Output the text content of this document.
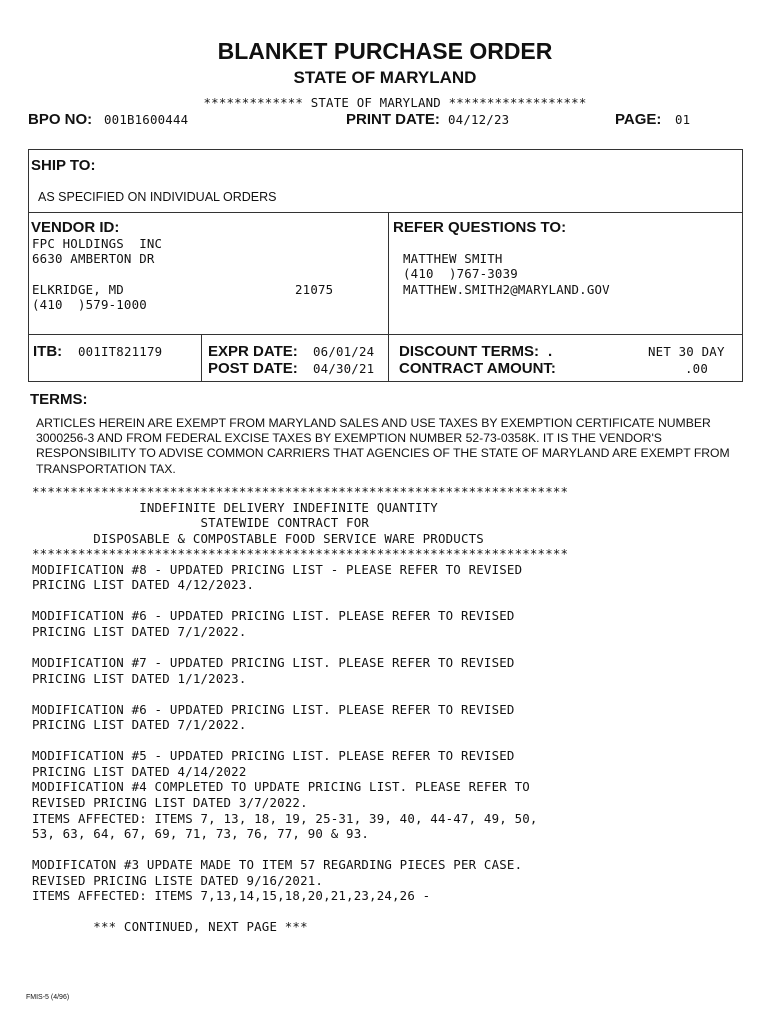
BLANKET PURCHASE ORDER
STATE OF MARYLAND
************* STATE OF MARYLAND ******************
BPO NO: 001B1600444	PRINT DATE: 04/12/23	PAGE: 01
SHIP TO:
AS SPECIFIED ON INDIVIDUAL ORDERS
VENDOR ID:
FPC HOLDINGS  INC
6630 AMBERTON DR
ELKRIDGE, MD	21075
(410  )579-1000
REFER QUESTIONS TO:
MATTHEW SMITH
(410  )767-3039
MATTHEW.SMITH2@MARYLAND.GOV
ITB: 001IT821179	EXPR DATE: 06/01/24
POST DATE: 04/30/21
DISCOUNT TERMS: .	NET 30 DAY
CONTRACT AMOUNT:	.00
TERMS:
ARTICLES HEREIN ARE EXEMPT FROM MARYLAND SALES AND USE TAXES BY EXEMPTION CERTIFICATE NUMBER 3000256-3 AND FROM FEDERAL EXCISE TAXES BY EXEMPTION NUMBER 52-73-0358K. IT IS THE VENDOR'S RESPONSIBILITY TO ADVISE COMMON CARRIERS THAT AGENCIES OF THE STATE OF MARYLAND ARE EXEMPT FROM TRANSPORTATION TAX.
**********************************************************************
INDEFINITE DELIVERY INDEFINITE QUANTITY
STATEWIDE CONTRACT FOR
DISPOSABLE & COMPOSTABLE FOOD SERVICE WARE PRODUCTS
**********************************************************************
MODIFICATION #8 - UPDATED PRICING LIST - PLEASE REFER TO REVISED
PRICING LIST DATED 4/12/2023.
MODIFICATION #6 - UPDATED PRICING LIST. PLEASE REFER TO REVISED
PRICING LIST DATED 7/1/2022.
MODIFICATION #7 - UPDATED PRICING LIST. PLEASE REFER TO REVISED
PRICING LIST DATED 1/1/2023.
MODIFICATION #6 - UPDATED PRICING LIST. PLEASE REFER TO REVISED
PRICING LIST DATED 7/1/2022.
MODIFICATION #5 - UPDATED PRICING LIST. PLEASE REFER TO REVISED
PRICING LIST DATED 4/14/2022
MODIFICATION #4 COMPLETED TO UPDATE PRICING LIST. PLEASE REFER TO
REVISED PRICING LIST DATED 3/7/2022.
ITEMS AFFECTED: ITEMS 7, 13, 18, 19, 25-31, 39, 40, 44-47, 49, 50,
53, 63, 64, 67, 69, 71, 73, 76, 77, 90 & 93.
MODIFICATON #3 UPDATE MADE TO ITEM 57 REGARDING PIECES PER CASE.
REVISED PRICING LISTE DATED 9/16/2021.
ITEMS AFFECTED: ITEMS 7,13,14,15,18,20,21,23,24,26 -
*** CONTINUED, NEXT PAGE ***
FMIS-5 (4/96)
